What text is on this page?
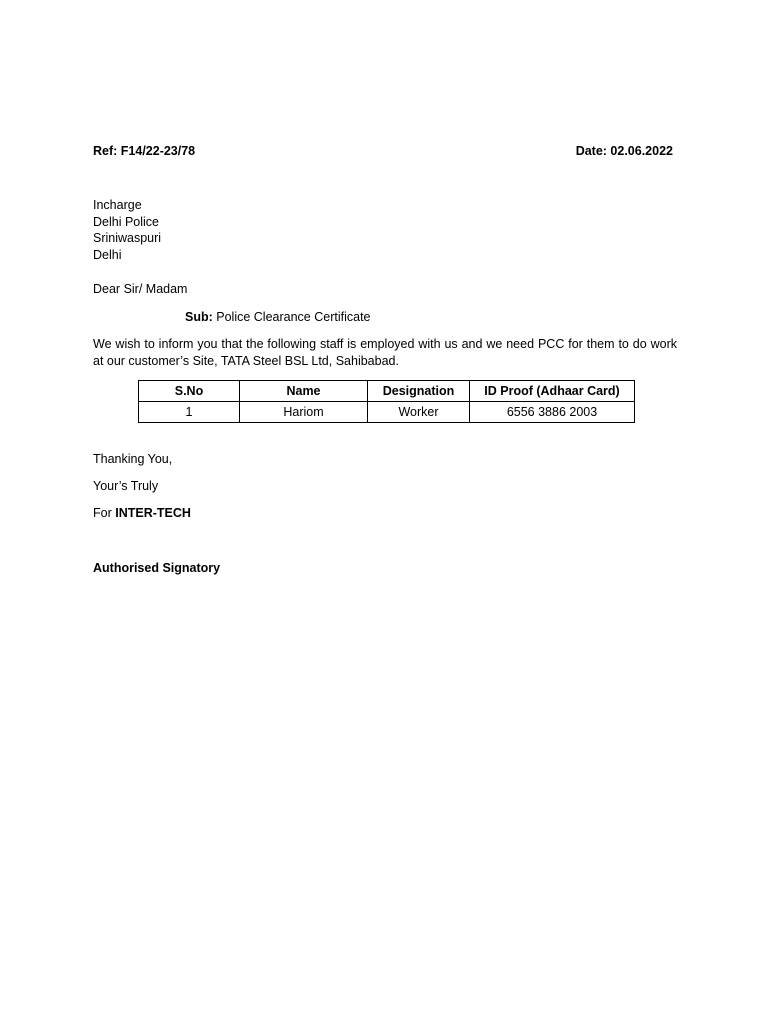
Ref: F14/22-23/78	Date: 02.06.2022
Incharge
Delhi Police
Sriniwaspuri
Delhi
Dear Sir/ Madam
Sub: Police Clearance Certificate
We wish to inform you that the following staff is employed with us and we need PCC for them to do work at our customer’s Site, TATA Steel BSL Ltd, Sahibabad.
S.No	Name	Designation	ID Proof (Adhaar Card)
1	Hariom	Worker	6556 3886 2003
Thanking You,
Your’s Truly
For INTER-TECH
Authorised Signatory
